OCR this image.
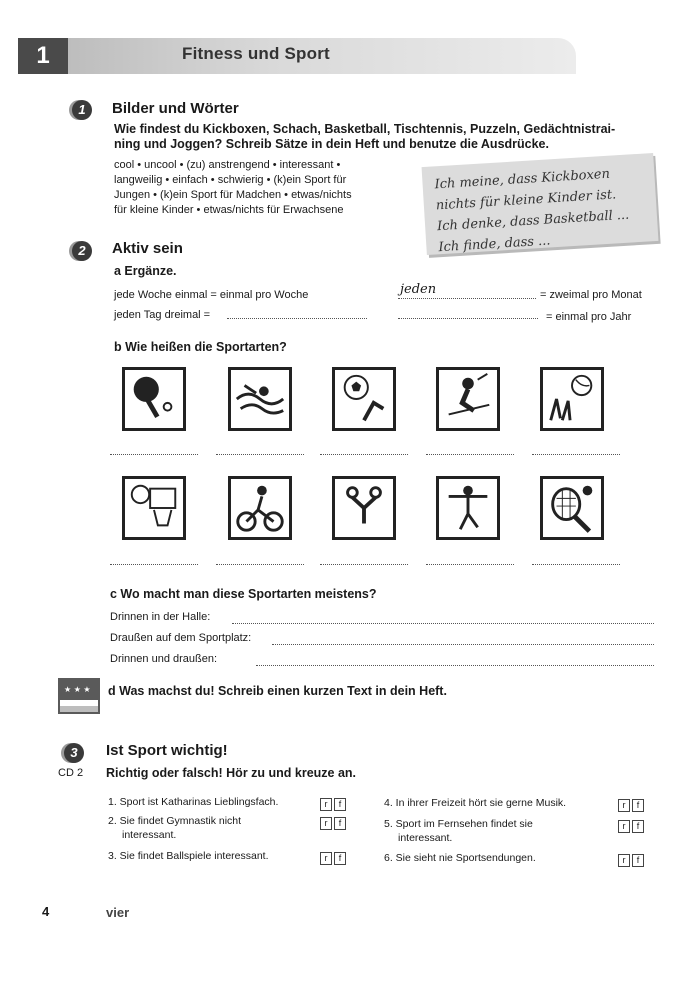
1	Fitness und Sport
1	Bilder und Wörter
Wie findest du Kickboxen, Schach, Basketball, Tischtennis, Puzzeln, Gedächtnistrai-
ning und Joggen? Schreib Sätze in dein Heft und benutze die Ausdrücke.
cool • uncool • (zu) anstrengend • interessant •
langweilig • einfach • schwierig • (k)ein Sport für
Jungen • (k)ein Sport für Madchen • etwas/nichts
für kleine Kinder • etwas/nichts für Erwachsene
Ich meine, dass Kickboxen
nichts für kleine Kinder ist.
Ich denke, dass Basketball ...
Ich finde, dass ...
2	Aktiv sein
a Ergänze.
jede Woche einmal = einmal pro Woche	jeden	= zweimal pro Monat
jeden Tag dreimal =	= einmal pro Jahr
b Wie heißen die Sportarten?
c Wo macht man diese Sportarten meistens?
Drinnen in der Halle:
Draußen auf dem Sportplatz:
Drinnen und draußen:
★ ★ ★ d Was machst du! Schreib einen kurzen Text in dein Heft.
3
CD 2
Ist Sport wichtig!
Richtig oder falsch! Hör zu und kreuze an.
1. Sport ist Katharinas Lieblingsfach.	r f
2. Sie findet Gymnastik nicht
interessant.
r f
3. Sie findet Ballspiele interessant.	r f
4. In ihrer Freizeit hört sie gerne Musik.	r f
5. Sport im Fernsehen findet sie
interessant.
r f
6. Sie sieht nie Sportsendungen.	r f
4	vier
